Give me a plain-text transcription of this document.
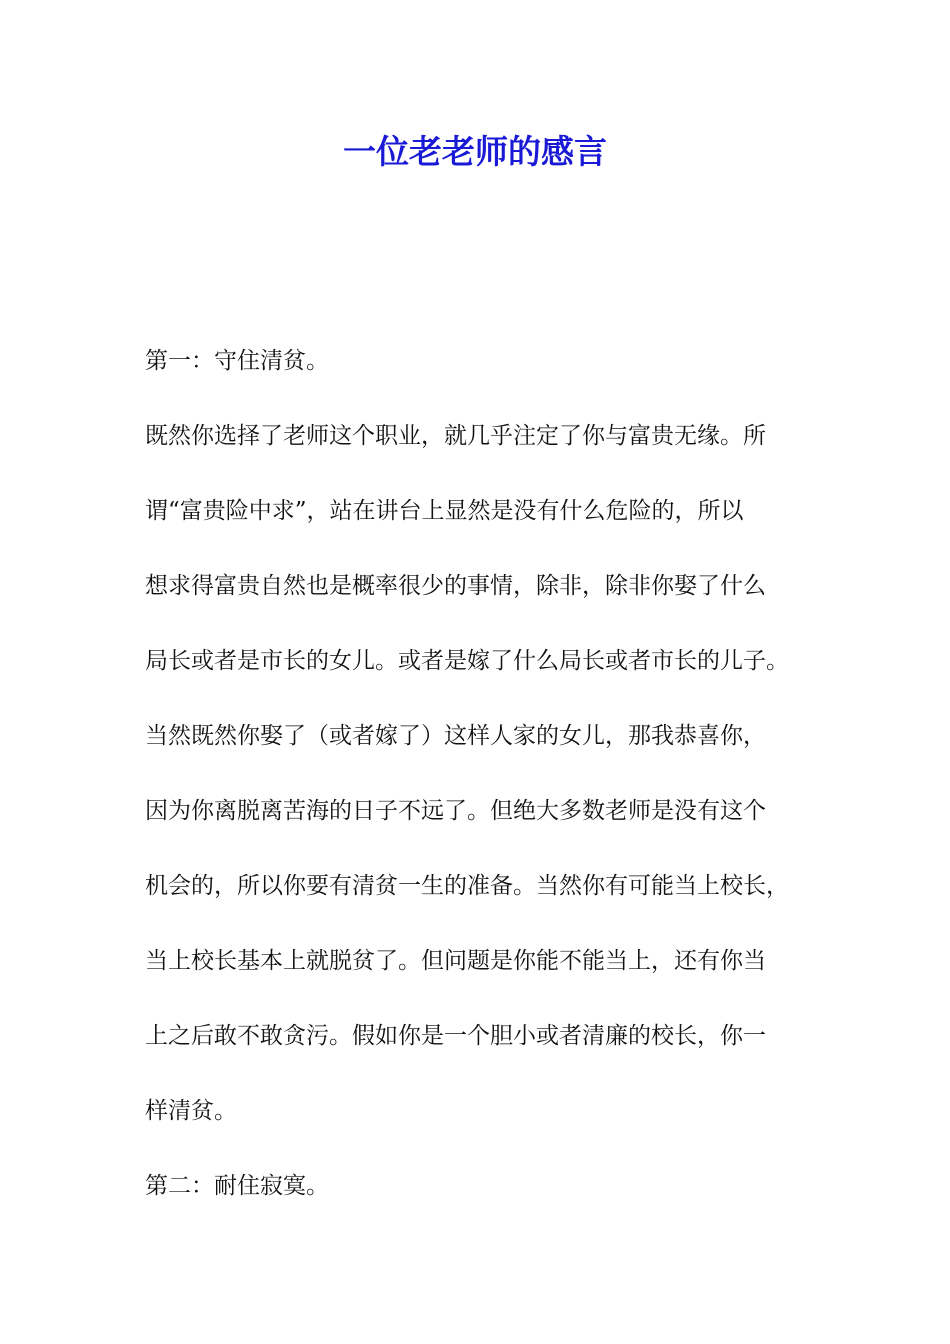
一位老老师的感言
第一：守住清贫。
既然你选择了老师这个职业，就几乎注定了你与富贵无缘。所
谓“富贵险中求”，站在讲台上显然是没有什么危险的，所以
想求得富贵自然也是概率很少的事情，除非，除非你娶了什么
局长或者是市长的女儿。或者是嫁了什么局长或者市长的儿子。
当然既然你娶了（或者嫁了）这样人家的女儿，那我恭喜你，
因为你离脱离苦海的日子不远了。但绝大多数老师是没有这个
机会的，所以你要有清贫一生的准备。当然你有可能当上校长，
当上校长基本上就脱贫了。但问题是你能不能当上，还有你当
上之后敢不敢贪污。假如你是一个胆小或者清廉的校长，你一
样清贫。
第二：耐住寂寞。
